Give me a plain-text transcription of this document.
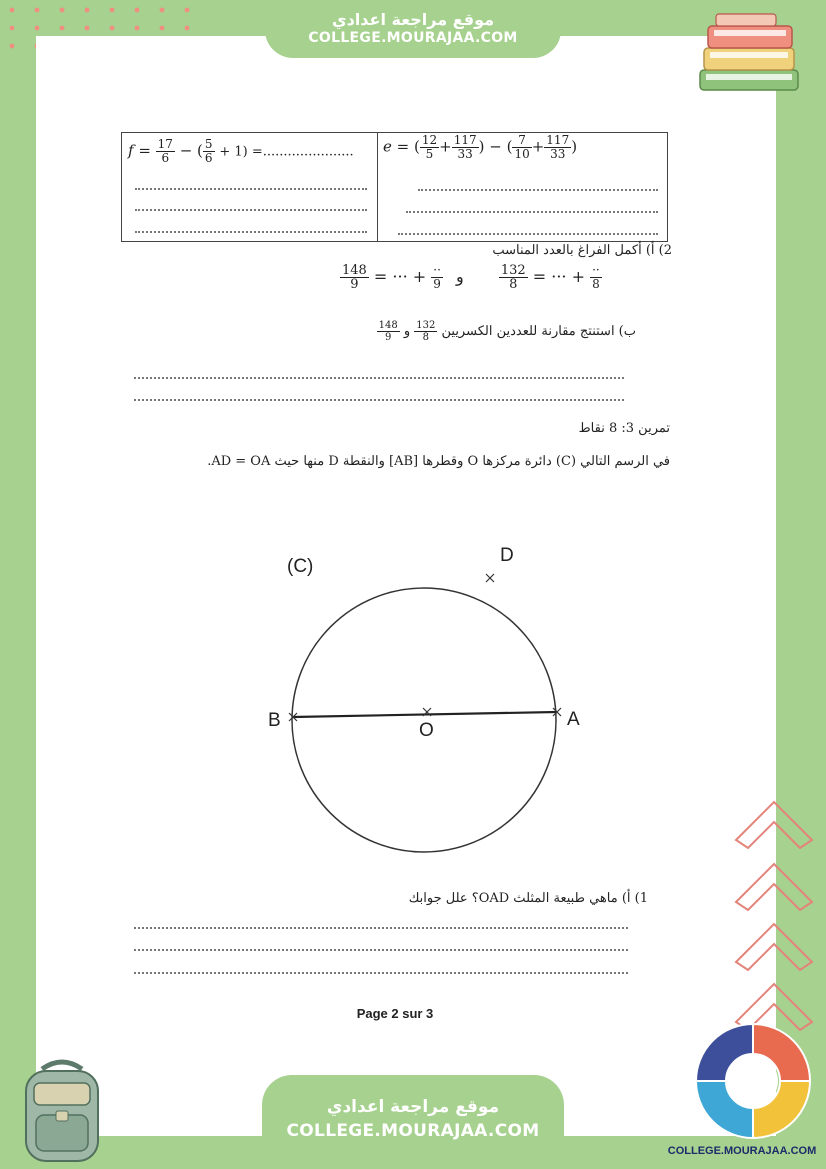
موقع مراجعة اعدادي
COLLEGE.MOURAJAA.COM
$f = \frac{17}{6}$ − ( $\frac{5}{6} + 1$) =......................	e = ( $\frac{12}{5} + \frac{117}{33}$ ) − ( $\frac{7}{10} + \frac{117}{33}$ )
2) أ) أكمل الفراغ بالعدد المناسب
$\frac{148}{9}$ = ··· + $\frac{\cdot\cdot}{9}$ و	$\frac{132}{8}$ = ··· + $\frac{\cdot\cdot}{8}$
ب) استنتج مقارنة للعددين الكسريين
$\frac{132}{8}$
و
$\frac{148}{9}$
تمرين 3: 8 نقاط
في الرسم التالي (C) دائرة مركزها O وقطرها [AB] والنقطة D منها حيث AD = OA.
(C)
D
B	O
A
1) أ) ماهي طبيعة المثلث OAD؟ علل جوابك
Page 2 sur 3
موقع مراجعة اعدادي
COLLEGE.MOURAJAA.COM
COLLEGE.MOURAJAA.COM
